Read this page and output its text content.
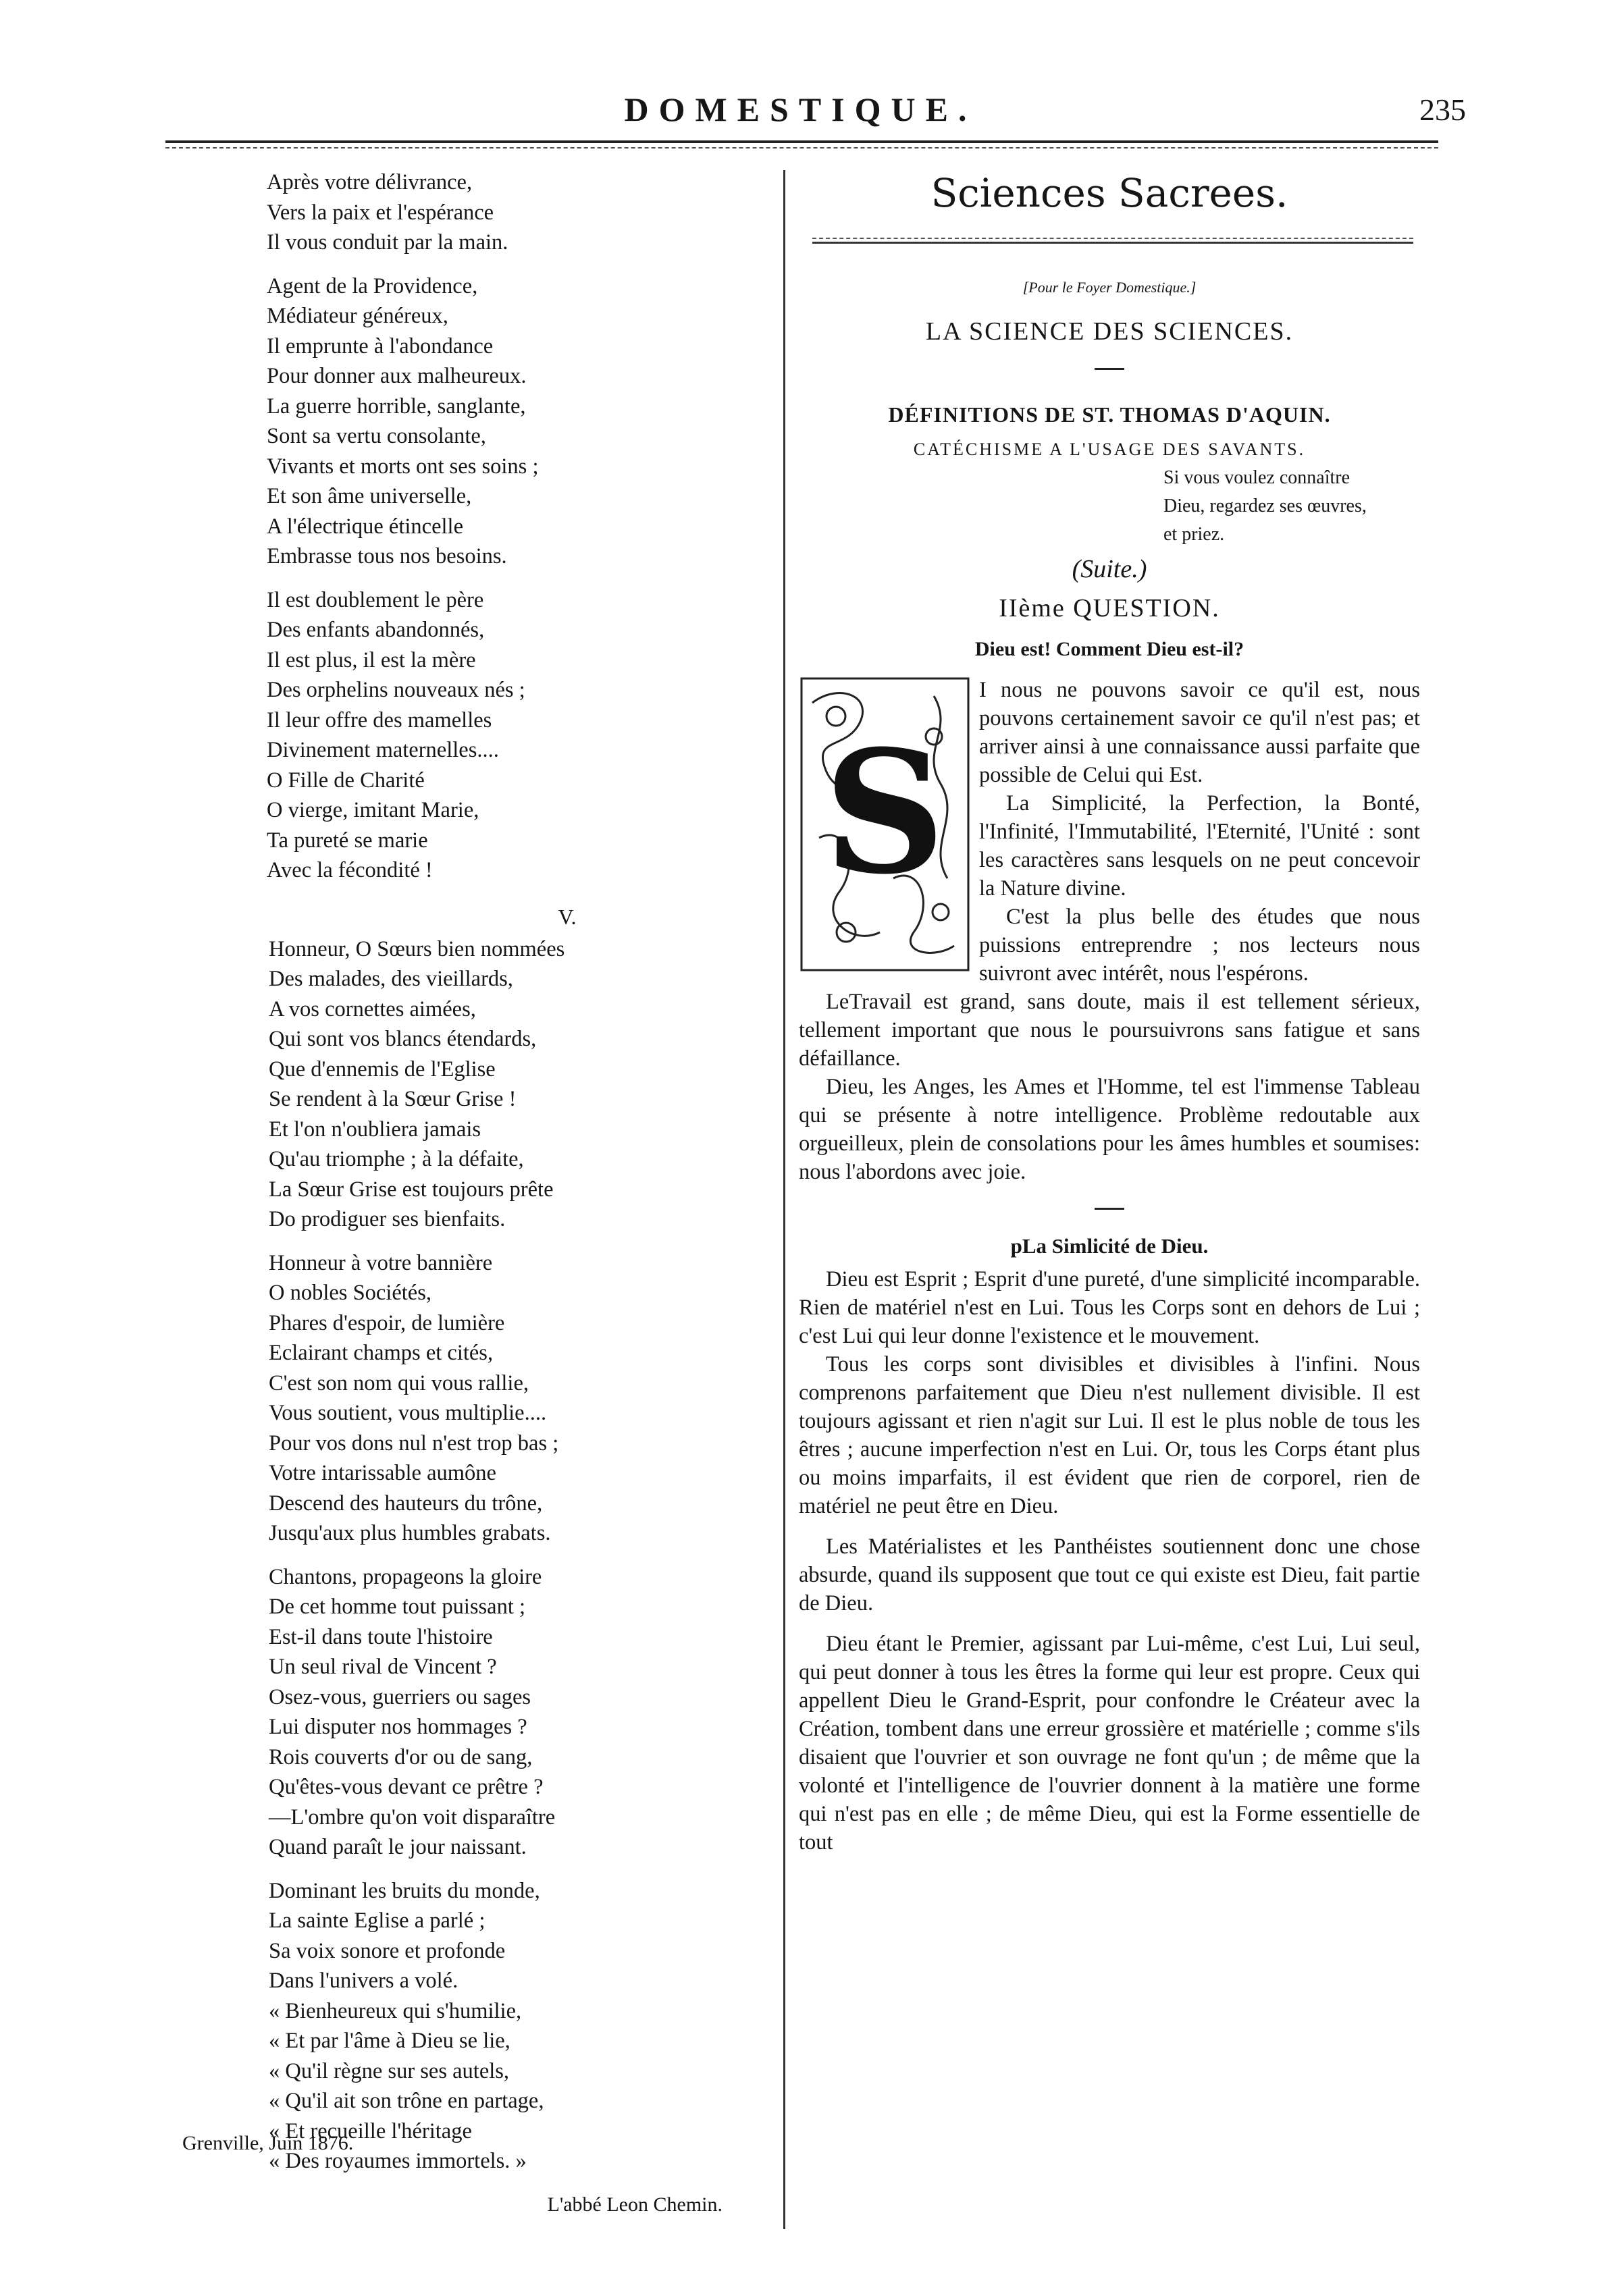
DOMESTIQUE.	235
Après votre délivrance,
Vers la paix et l'espérance
Il vous conduit par la main.
Agent de la Providence,
Médiateur généreux,
Il emprunte à l'abondance
Pour donner aux malheureux.
La guerre horrible, sanglante,
Sont sa vertu consolante,
Vivants et morts ont ses soins ;
Et son âme universelle,
A l'électrique étincelle
Embrasse tous nos besoins.
Il est doublement le père
Des enfants abandonnés,
Il est plus, il est la mère
Des orphelins nouveaux nés ;
Il leur offre des mamelles
Divinement maternelles....
O Fille de Charité
O vierge, imitant Marie,
Ta pureté se marie
Avec la fécondité !
V.
Honneur, O Sœurs bien nommées
Des malades, des vieillards,
A vos cornettes aimées,
Qui sont vos blancs étendards,
Que d'ennemis de l'Eglise
Se rendent à la Sœur Grise !
Et l'on n'oubliera jamais
Qu'au triomphe ; à la défaite,
La Sœur Grise est toujours prête
Do prodiguer ses bienfaits.
Honneur à votre bannière
O nobles Sociétés,
Phares d'espoir, de lumière
Eclairant champs et cités,
C'est son nom qui vous rallie,
Vous soutient, vous multiplie....
Pour vos dons nul n'est trop bas ;
Votre intarissable aumône
Descend des hauteurs du trône,
Jusqu'aux plus humbles grabats.
Chantons, propageons la gloire
De cet homme tout puissant ;
Est-il dans toute l'histoire
Un seul rival de Vincent ?
Osez-vous, guerriers ou sages
Lui disputer nos hommages ?
Rois couverts d'or ou de sang,
Qu'êtes-vous devant ce prêtre ?
—L'ombre qu'on voit disparaître
Quand paraît le jour naissant.
Dominant les bruits du monde,
La sainte Eglise a parlé ;
Sa voix sonore et profonde
Dans l'univers a volé.
« Bienheureux qui s'humilie,
« Et par l'âme à Dieu se lie,
« Qu'il règne sur ses autels,
« Qu'il ait son trône en partage,
« Et recueille l'héritage
« Des royaumes immortels. »
L'abbé Leon Chemin.
Grenville, Juin 1876.
Sciences Sacrees.
[Pour le Foyer Domestique.]
LA SCIENCE DES SCIENCES.
DÉFINITIONS DE ST. THOMAS D'AQUIN.
CATÉCHISME A L'USAGE DES SAVANTS.
Si vous voulez connaître
Dieu, regardez ses œuvres,
et priez.
(Suite.)
IIème QUESTION.
Dieu est! Comment Dieu est-il?
S
I nous ne pouvons savoir ce qu'il est, nous pouvons certainement savoir ce qu'il n'est pas; et arriver ainsi à une connaissance aussi parfaite que possible de Celui qui Est.
La Simplicité, la Perfection, la Bonté, l'Infinité, l'Immutabilité, l'Eternité, l'Unité : sont les caractères sans lesquels on ne peut concevoir la Nature divine.
C'est la plus belle des études que nous puissions entreprendre ; nos lecteurs nous suivront avec intérêt, nous l'espérons.
LeTravail est grand, sans doute, mais il est tellement sérieux, tellement important que nous le poursuivrons sans fatigue et sans défaillance.
Dieu, les Anges, les Ames et l'Homme, tel est l'immense Tableau qui se présente à notre intelligence. Problème redoutable aux orgueilleux, plein de consolations pour les âmes humbles et soumises: nous l'abordons avec joie.
pLa Simlicité de Dieu.
Dieu est Esprit ; Esprit d'une pureté, d'une simplicité incomparable. Rien de matériel n'est en Lui. Tous les Corps sont en dehors de Lui ; c'est Lui qui leur donne l'existence et le mouvement.
Tous les corps sont divisibles et divisibles à l'infini. Nous comprenons parfaitement que Dieu n'est nullement divisible. Il est toujours agissant et rien n'agit sur Lui. Il est le plus noble de tous les êtres ; aucune imperfection n'est en Lui. Or, tous les Corps étant plus ou moins imparfaits, il est évident que rien de corporel, rien de matériel ne peut être en Dieu.
Les Matérialistes et les Panthéistes soutiennent donc une chose absurde, quand ils supposent que tout ce qui existe est Dieu, fait partie de Dieu.
Dieu étant le Premier, agissant par Lui-même, c'est Lui, Lui seul, qui peut donner à tous les êtres la forme qui leur est propre. Ceux qui appellent Dieu le Grand-Esprit, pour confondre le Créateur avec la Création, tombent dans une erreur grossière et matérielle ; comme s'ils disaient que l'ouvrier et son ouvrage ne font qu'un ; de même que la volonté et l'intelligence de l'ouvrier donnent à la matière une forme qui n'est pas en elle ; de même Dieu, qui est la Forme essentielle de tout
